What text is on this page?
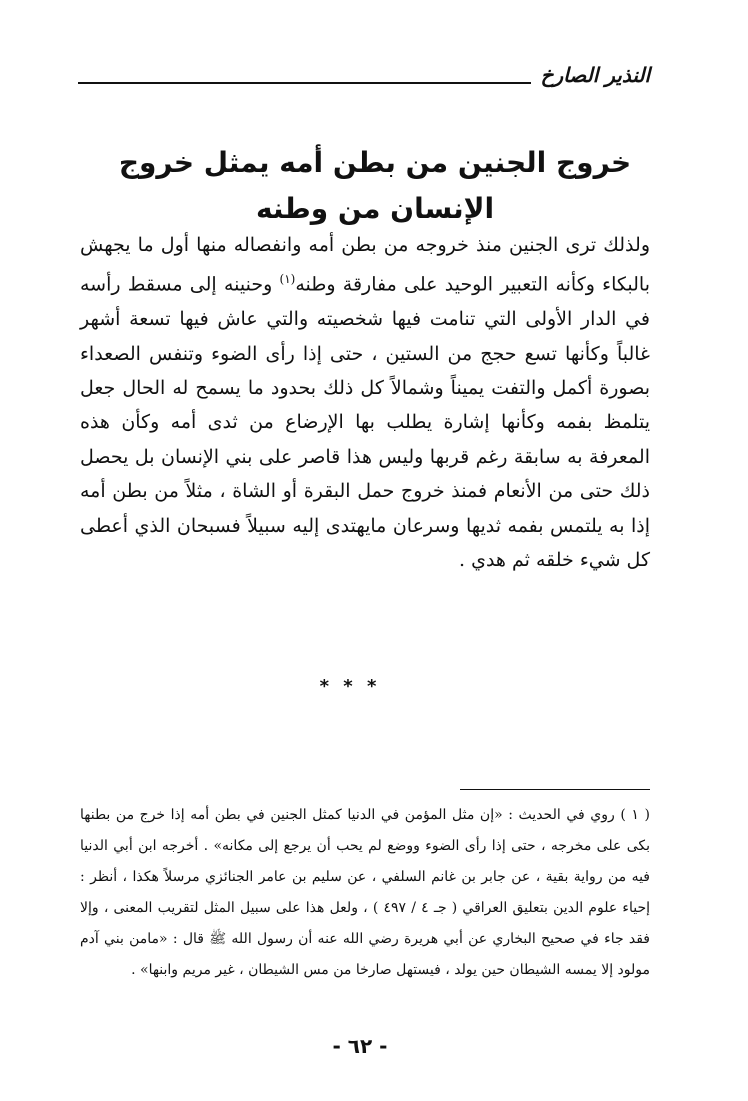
النذير الصارخ
خروج الجنين من بطن أمه يمثل خروج الإنسان من وطنه

ولذلك ترى الجنين منذ خروجه من بطن أمه وانفصاله منها أول ما يجهش بالبكاء وكأنه التعبير الوحيد على مفارقة وطنه$^{(١)}$ وحنينه إلى مسقط رأسه في الدار الأولى التي تنامت فيها شخصيته والتي عاش فيها تسعة أشهر غالباً وكأنها تسع حجج من الستين ، حتى إذا رأى الضوء وتنفس الصعداء بصورة أكمل والتفت يميناً وشمالاً كل ذلك بحدود ما يسمح له الحال جعل يتلمظ بفمه وكأنها إشارة يطلب بها الإرضاع من ثدى أمه وكأن هذه المعرفة به سابقة رغم قربها وليس هذا قاصر على بني الإنسان بل يحصل ذلك حتى من الأنعام فمنذ خروج حمل البقرة أو الشاة ، مثلاً من بطن أمه إذا به يلتمس بفمه ثديها وسرعان مايهتدى إليه سبيلاً فسبحان الذي أعطى كل شيء خلقه ثم هدي .

* * *

( ١ ) روي في الحديث : «إن مثل المؤمن في الدنيا كمثل الجنين في بطن أمه إذا خرج من بطنها بكى على مخرجه ، حتى إذا رأى الضوء ووضع لم يحب أن يرجع إلى مكانه» . أخرجه ابن أبي الدنيا فيه من رواية بقية ، عن جابر بن غانم السلفي ، عن سليم بن عامر الجنائزي مرسلاً هكذا ، أنظر : إحياء علوم الدين بتعليق العراقي ( جـ ٤ / ٤٩٧ ) ، ولعل هذا على سبيل المثل لتقريب المعنى ، وإلا فقد جاء في صحيح البخاري عن أبي هريرة رضي الله عنه أن رسول الله ﷺ قال : «مامن بني آدم مولود إلا يمسه الشيطان حين يولد ، فيستهل صارخا من مس الشيطان ، غير مريم وابنها» .

- ٦٢ -
